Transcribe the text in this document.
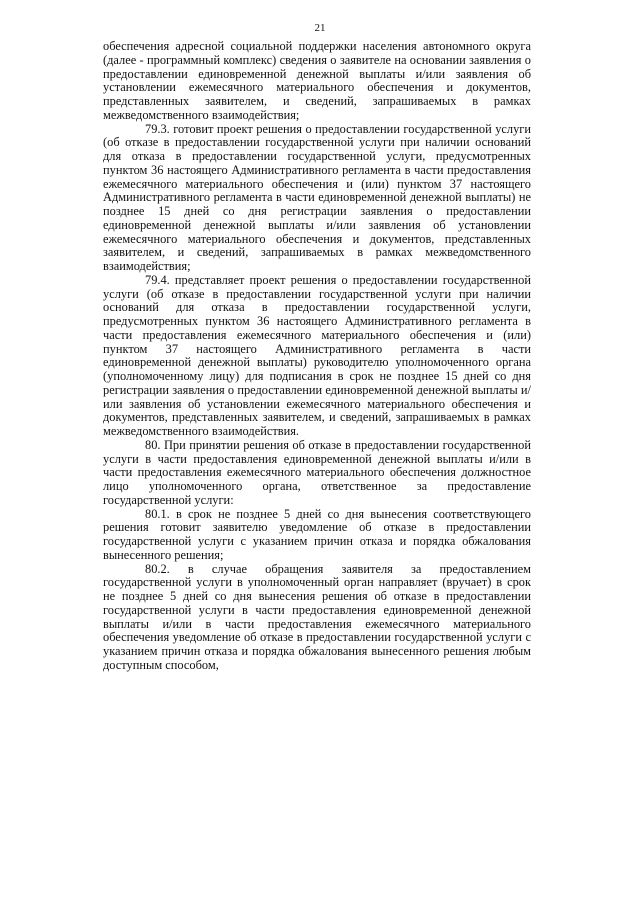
21

обеспечения адресной социальной поддержки населения автономного округа (далее - программный комплекс) сведения о заявителе на основании заявления о предоставлении единовременной денежной выплаты и/или заявления об установлении ежемесячного материального обеспечения и документов, представленных заявителем, и сведений, запрашиваемых в рамках межведомственного взаимодействия;

79.3. готовит проект решения о предоставлении государственной услуги (об отказе в предоставлении государственной услуги при наличии оснований для отказа в предоставлении государственной услуги, предусмотренных пунктом 36 настоящего Административного регламента в части предоставления ежемесячного материального обеспечения и (или) пунктом 37 настоящего Административного регламента в части единовременной денежной выплаты) не позднее 15 дней со дня регистрации заявления о предоставлении единовременной денежной выплаты и/или заявления об установлении ежемесячного материального обеспечения и документов, представленных заявителем, и сведений, запрашиваемых в рамках межведомственного взаимодействия;

79.4. представляет проект решения о предоставлении государственной услуги (об отказе в предоставлении государственной услуги при наличии оснований для отказа в предоставлении государственной услуги, предусмотренных пунктом 36 настоящего Административного регламента в части предоставления ежемесячного материального обеспечения и (или) пунктом 37 настоящего Административного регламента в части единовременной денежной выплаты) руководителю уполномоченного органа (уполномоченному лицу) для подписания в срок не позднее 15 дней со дня регистрации заявления о предоставлении единовременной денежной выплаты и/или заявления об установлении ежемесячного материального обеспечения и документов, представленных заявителем, и сведений, запрашиваемых в рамках межведомственного взаимодействия.

80. При принятии решения об отказе в предоставлении государственной услуги в части предоставления единовременной денежной выплаты и/или в части предоставления ежемесячного материального обеспечения должностное лицо уполномоченного органа, ответственное за предоставление государственной услуги:

80.1. в срок не позднее 5 дней со дня вынесения соответствующего решения готовит заявителю уведомление об отказе в предоставлении государственной услуги с указанием причин отказа и порядка обжалования вынесенного решения;

80.2. в случае обращения заявителя за предоставлением государственной услуги в уполномоченный орган направляет (вручает) в срок не позднее 5 дней со дня вынесения решения об отказе в предоставлении государственной услуги в части предоставления единовременной денежной выплаты и/или в части предоставления ежемесячного материального обеспечения уведомление об отказе в предоставлении государственной услуги с указанием причин отказа и порядка обжалования вынесенного решения любым доступным способом,
